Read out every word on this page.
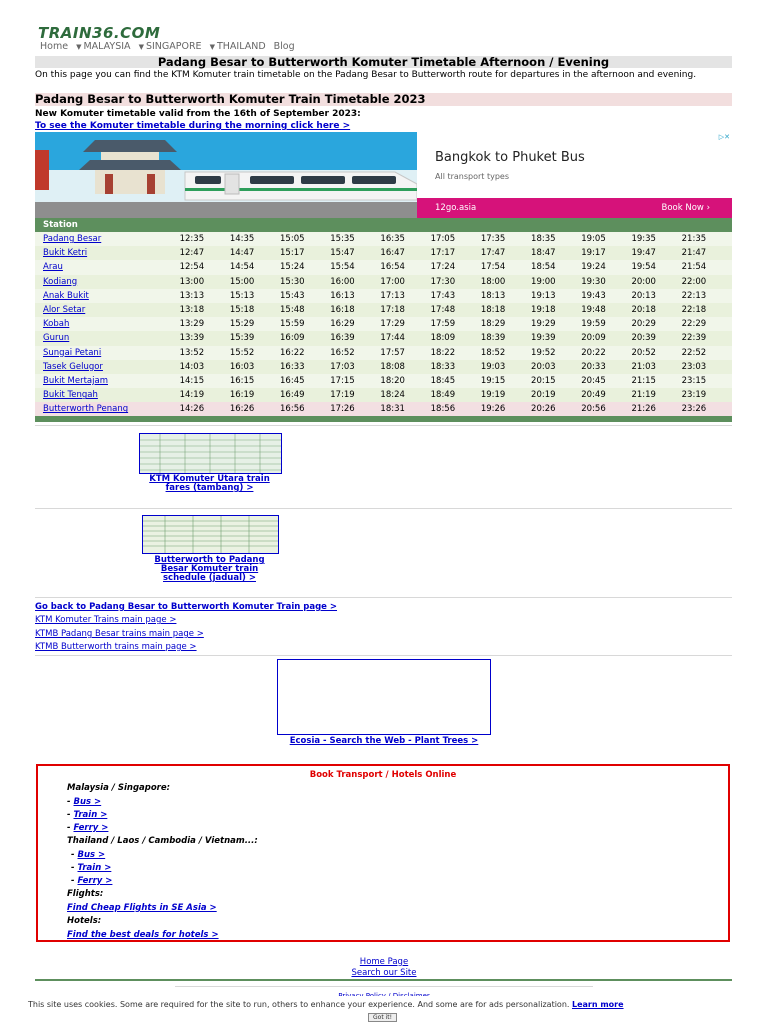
TRAIN36.COM
Home ▼ MALAYSIA ▼ SINGAPORE ▼ THAILAND Blog
Padang Besar to Butterworth Komuter Timetable Afternoon / Evening
On this page you can find the KTM Komuter train timetable on the Padang Besar to Butterworth route for departures in the afternoon and evening.
Padang Besar to Butterworth Komuter Train Timetable 2023
New Komuter timetable valid from the 16th of September 2023:
To see the Komuter timetable during the morning click here >
▷✕
Bangkok to Phuket Bus
All transport types
12go.asia	Book Now ›
Station											
Padang Besar	12:35	14:35	15:05	15:35	16:35	17:05	17:35	18:35	19:05	19:35	21:35
Bukit Ketri	12:47	14:47	15:17	15:47	16:47	17:17	17:47	18:47	19:17	19:47	21:47
Arau	12:54	14:54	15:24	15:54	16:54	17:24	17:54	18:54	19:24	19:54	21:54
Kodiang	13:00	15:00	15:30	16:00	17:00	17:30	18:00	19:00	19:30	20:00	22:00
Anak Bukit	13:13	15:13	15:43	16:13	17:13	17:43	18:13	19:13	19:43	20:13	22:13
Alor Setar	13:18	15:18	15:48	16:18	17:18	17:48	18:18	19:18	19:48	20:18	22:18
Kobah	13:29	15:29	15:59	16:29	17:29	17:59	18:29	19:29	19:59	20:29	22:29
Gurun	13:39	15:39	16:09	16:39	17:44	18:09	18:39	19:39	20:09	20:39	22:39
Sungai Petani	13:52	15:52	16:22	16:52	17:57	18:22	18:52	19:52	20:22	20:52	22:52
Tasek Gelugor	14:03	16:03	16:33	17:03	18:08	18:33	19:03	20:03	20:33	21:03	23:03
Bukit Mertajam	14:15	16:15	16:45	17:15	18:20	18:45	19:15	20:15	20:45	21:15	23:15
Bukit Tengah	14:19	16:19	16:49	17:19	18:24	18:49	19:19	20:19	20:49	21:19	23:19
Butterworth Penang	14:26	16:26	16:56	17:26	18:31	18:56	19:26	20:26	20:56	21:26	23:26
KTM Komuter Utara train fares (tambang) >
Butterworth to Padang Besar Komuter train schedule (jadual) >
Go back to Padang Besar to Butterworth Komuter Train page >
KTM Komuter Trains main page >
KTMB Padang Besar trains main page >
KTMB Butterworth trains main page >
Ecosia - Search the Web - Plant Trees >
Book Transport / Hotels Online
Malaysia / Singapore:
- Bus >
- Train >
- Ferry >
Thailand / Laos / Cambodia / Vietnam...:
- Bus >
- Train >
- Ferry >
Flights:
Find Cheap Flights in SE Asia >
Hotels:
Find the best deals for hotels >
Home Page
Search our Site
This site uses cookies. Some are required for the site to run, others to enhance your experience. And some are for ads personalization. Learn more
Got it!
